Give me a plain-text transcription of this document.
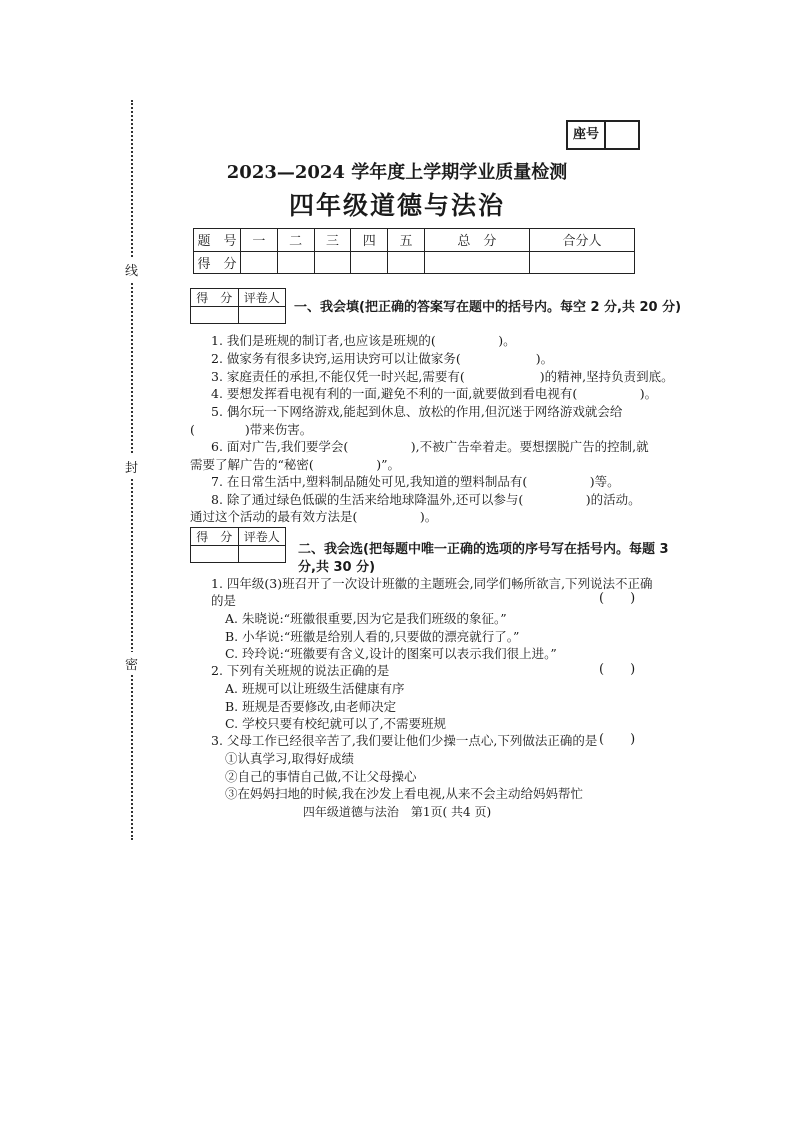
线
封
密
座号
2023—2024 学年度上学期学业质量检测
四年级道德与法治
题　号	一	二	三	四	五	总　分	合分人
得　分							
得　分	评卷人

一、我会填(把正确的答案写在题中的括号内。每空 2 分,共 20 分)
1. 我们是班规的制订者,也应该是班规的(　　　　　)。
2. 做家务有很多诀窍,运用诀窍可以让做家务(　　　　　　)。
3. 家庭责任的承担,不能仅凭一时兴起,需要有(　　　　　　)的精神,坚持负责到底。
4. 要想发挥看电视有利的一面,避免不利的一面,就要做到看电视有(　　　　　)。
5. 偶尔玩一下网络游戏,能起到休息、放松的作用,但沉迷于网络游戏就会给
(　　　　)带来伤害。
6. 面对广告,我们要学会(　　　　　),不被广告牵着走。要想摆脱广告的控制,就
需要了解广告的“秘密(　　　　　)”。
7. 在日常生活中,塑料制品随处可见,我知道的塑料制品有(　　　　　)等。
8. 除了通过绿色低碳的生活来给地球降温外,还可以参与(　　　　　)的活动。
通过这个活动的最有效方法是(　　　　　)。
得　分	评卷人

二、我会选(把每题中唯一正确的选项的序号写在括号内。每题 3
分,共 30 分)
1. 四年级(3)班召开了一次设计班徽的主题班会,同学们畅所欲言,下列说法不正确
的是	(　　)
A. 朱晓说:“班徽很重要,因为它是我们班级的象征。”
B. 小华说:“班徽是给别人看的,只要做的漂亮就行了。”
C. 玲玲说:“班徽要有含义,设计的图案可以表示我们很上进。”
2. 下列有关班规的说法正确的是	(　　)
A. 班规可以让班级生活健康有序
B. 班规是否要修改,由老师决定
C. 学校只要有校纪就可以了,不需要班规
3. 父母工作已经很辛苦了,我们要让他们少操一点心,下列做法正确的是 (　　)
①认真学习,取得好成绩
②自己的事情自己做,不让父母操心
③在妈妈扫地的时候,我在沙发上看电视,从来不会主动给妈妈帮忙
四年级道德与法治　第1页( 共4 页)
